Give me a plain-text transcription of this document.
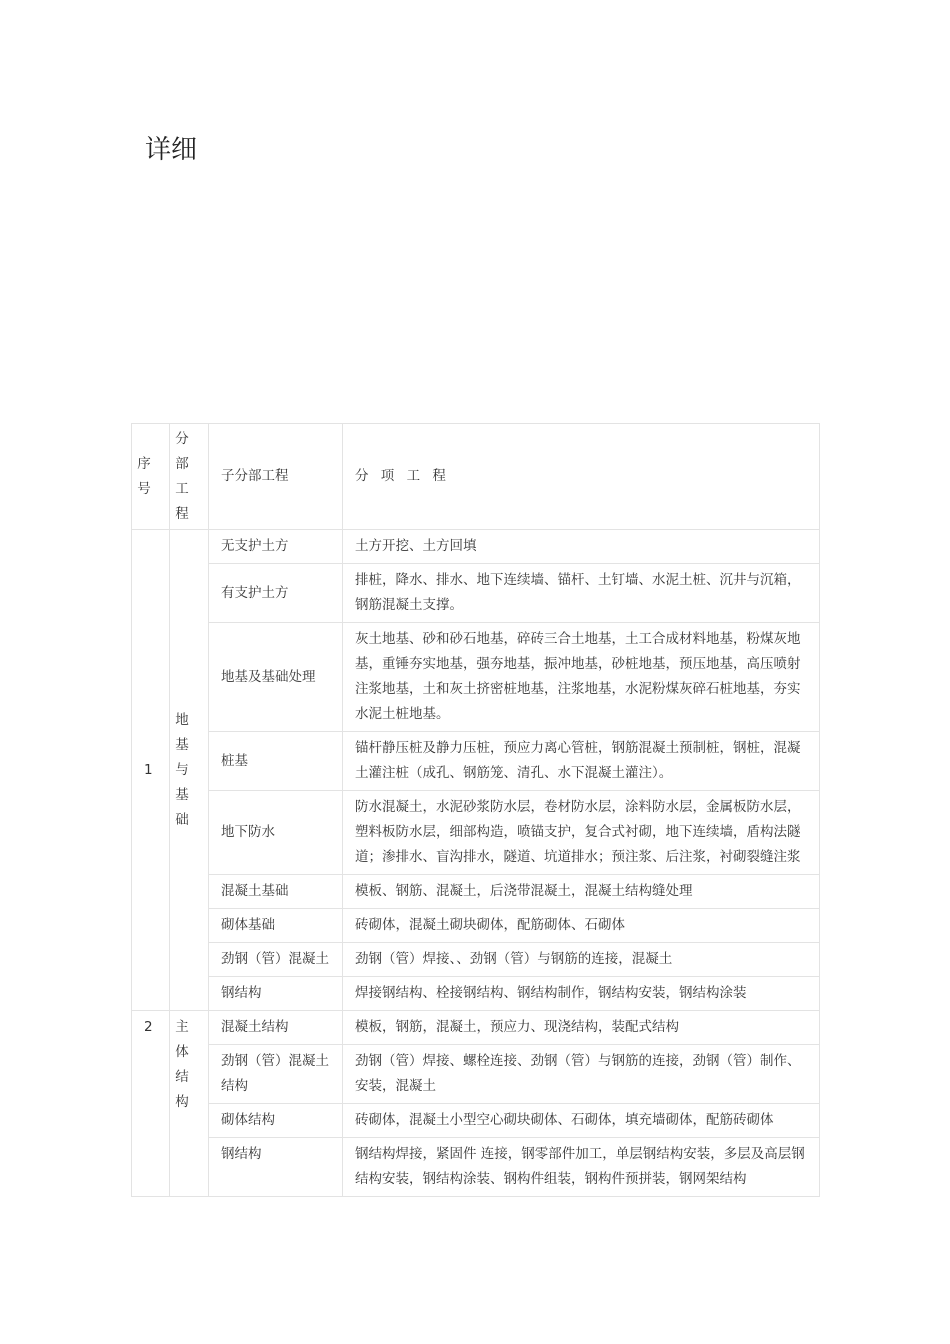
详细
序号	分部工程	子分部工程	分 项 工 程
1	地基与基础	无支护土方	土方开挖、土方回填
		有支护土方	排桩，降水、排水、地下连续墙、锚杆、土钉墙、水泥土桩、沉井与沉箱，钢筋混凝土支撑。
		地基及基础处理	灰土地基、砂和砂石地基，碎砖三合土地基，土工合成材料地基，粉煤灰地基，重锤夯实地基，强夯地基，振冲地基，砂桩地基，预压地基，高压喷射注浆地基，土和灰土挤密桩地基，注浆地基，水泥粉煤灰碎石桩地基，夯实水泥土桩地基。
		桩基	锚杆静压桩及静力压桩，预应力离心管桩，钢筋混凝土预制桩，钢桩，混凝土灌注桩（成孔、钢筋笼、清孔、水下混凝土灌注）。
		地下防水	防水混凝土，水泥砂浆防水层，卷材防水层，涂料防水层，金属板防水层，塑料板防水层，细部构造，喷锚支护，复合式衬砌，地下连续墙，盾构法隧道；渗排水、盲沟排水，隧道、坑道排水；预注浆、后注浆，衬砌裂缝注浆
		混凝土基础	模板、钢筋、混凝土，后浇带混凝土，混凝土结构缝处理
		砌体基础	砖砌体，混凝土砌块砌体，配筋砌体、石砌体
		劲钢（管）混凝土	劲钢（管）焊接、、劲钢（管）与钢筋的连接，混凝土
		钢结构	焊接钢结构、栓接钢结构、钢结构制作，钢结构安装，钢结构涂装
2	主体结构	混凝土结构	模板，钢筋，混凝土，预应力、现浇结构，装配式结构
		劲钢（管）混凝土结构	劲钢（管）焊接、螺栓连接、劲钢（管）与钢筋的连接，劲钢（管）制作、安装，混凝土
		砌体结构	砖砌体，混凝土小型空心砌块砌体、石砌体，填充墙砌体，配筋砖砌体
		钢结构	钢结构焊接，紧固件 连接，钢零部件加工，单层钢结构安装，多层及高层钢结构安装，钢结构涂装、钢构件组装，钢构件预拼装，钢网架结构
